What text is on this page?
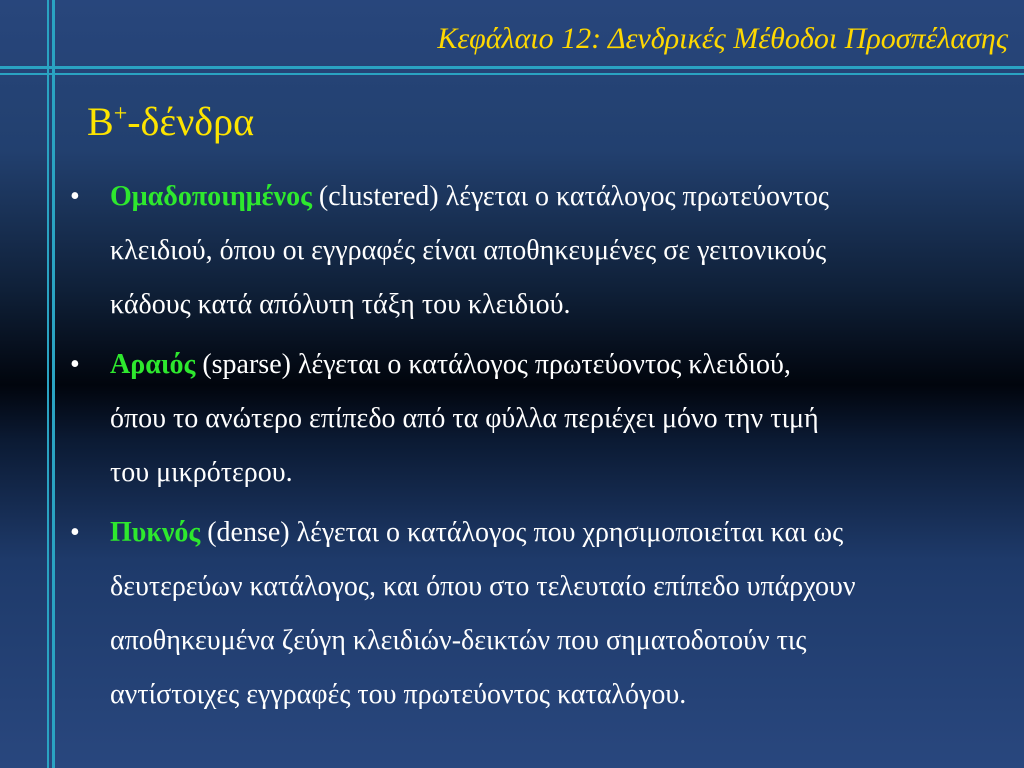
Κεφάλαιο 12: Δενδρικές Μέθοδοι Προσπέλασης
B+-δένδρα
• Ομαδοποιημένος (clustered) λέγεται ο κατάλογος πρωτεύοντος
κλειδιού, όπου οι εγγραφές είναι αποθηκευμένες σε γειτονικούς
κάδους κατά απόλυτη τάξη του κλειδιού.
• Αραιός (sparse) λέγεται ο κατάλογος πρωτεύοντος κλειδιού,
όπου το ανώτερο επίπεδο από τα φύλλα περιέχει μόνο την τιμή
του μικρότερου.
• Πυκνός (dense) λέγεται ο κατάλογος που χρησιμοποιείται και ως
δευτερεύων κατάλογος, και όπου στο τελευταίο επίπεδο υπάρχουν
αποθηκευμένα ζεύγη κλειδιών-δεικτών που σηματοδοτούν τις
αντίστοιχες εγγραφές του πρωτεύοντος καταλόγου.
